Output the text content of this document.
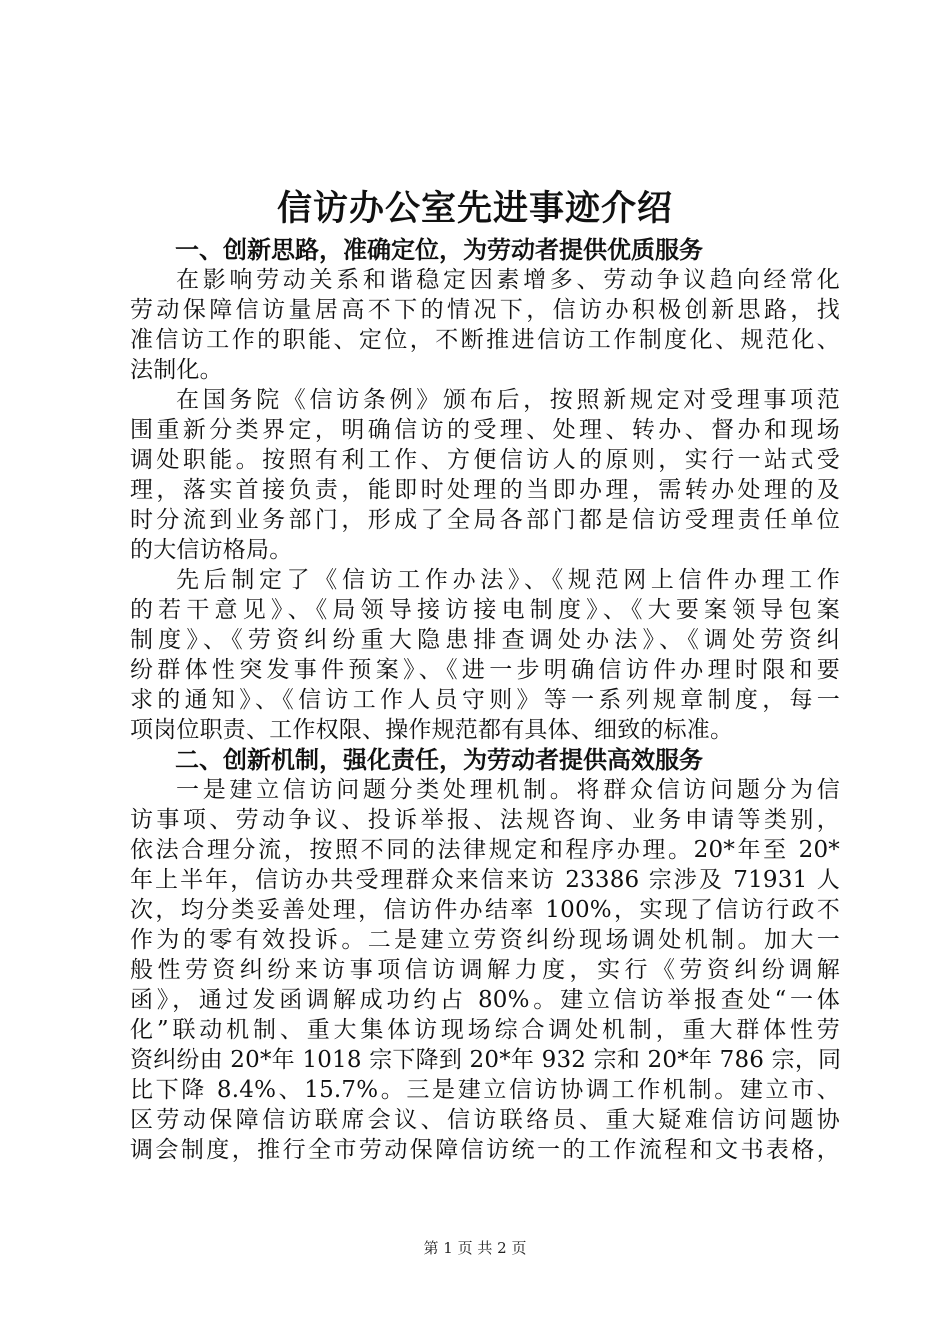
信访办公室先进事迹介绍
一、创新思路，准确定位，为劳动者提供优质服务
在影响劳动关系和谐稳定因素增多、劳动争议趋向经常化
劳动保障信访量居高不下的情况下，信访办积极创新思路，找
准信访工作的职能、定位，不断推进信访工作制度化、规范化、
法制化。
在国务院《信访条例》颁布后，按照新规定对受理事项范
围重新分类界定，明确信访的受理、处理、转办、督办和现场
调处职能。按照有利工作、方便信访人的原则，实行一站式受
理，落实首接负责，能即时处理的当即办理，需转办处理的及
时分流到业务部门，形成了全局各部门都是信访受理责任单位
的大信访格局。
先后制定了《信访工作办法》、《规范网上信件办理工作
的若干意见》、《局领导接访接电制度》、《大要案领导包案
制度》、《劳资纠纷重大隐患排查调处办法》、《调处劳资纠
纷群体性突发事件预案》、《进一步明确信访件办理时限和要
求的通知》、《信访工作人员守则》等一系列规章制度，每一
项岗位职责、工作权限、操作规范都有具体、细致的标准。
二、创新机制，强化责任，为劳动者提供高效服务
一是建立信访问题分类处理机制。将群众信访问题分为信
访事项、劳动争议、投诉举报、法规咨询、业务申请等类别，
依法合理分流，按照不同的法律规定和程序办理。20*年至 20*
年上半年，信访办共受理群众来信来访 23386 宗涉及 71931 人
次，均分类妥善处理，信访件办结率 100%，实现了信访行政不
作为的零有效投诉。二是建立劳资纠纷现场调处机制。加大一
般性劳资纠纷来访事项信访调解力度，实行《劳资纠纷调解
函》，通过发函调解成功约占 80%。建立信访举报查处“一体
化”联动机制、重大集体访现场综合调处机制，重大群体性劳
资纠纷由 20*年 1018 宗下降到 20*年 932 宗和 20*年 786 宗，同
比下降 8.4%、15.7%。三是建立信访协调工作机制。建立市、
区劳动保障信访联席会议、信访联络员、重大疑难信访问题协
调会制度，推行全市劳动保障信访统一的工作流程和文书表格，
第 1 页 共 2 页
